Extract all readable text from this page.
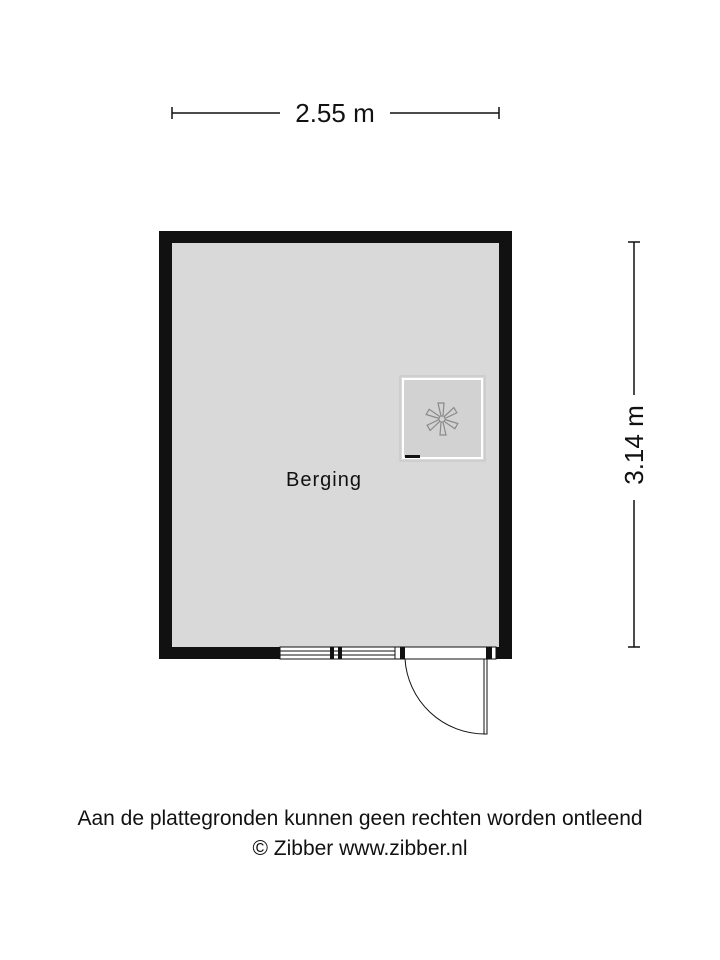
2.55 m
3.14 m
Berging
Aan de plattegronden kunnen geen rechten worden ontleend
© Zibber www.zibber.nl
